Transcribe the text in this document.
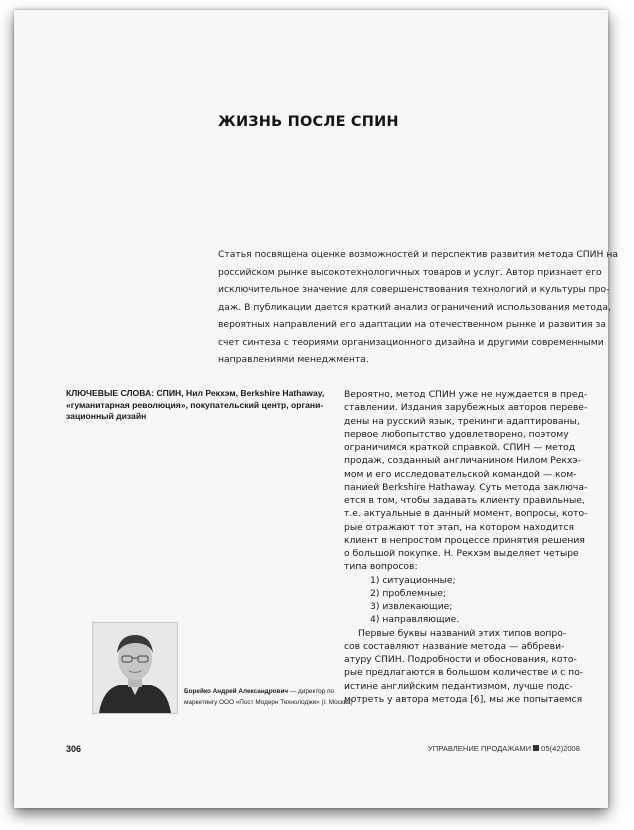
ЖИЗНЬ ПОСЛЕ СПИН

Статья посвящена оценке возможностей и перспектив развития метода СПИН на
российском рынке высокотехнологичных товаров и услуг. Автор признает его
исключительное значение для совершенствования технологий и культуры про-
даж. В публикации дается краткий анализ ограничений использования метода,
вероятных направлений его адаптации на отечественном рынке и развития за
счет синтеза с теориями организационного дизайна и другими современными
направлениями менеджмента.

КЛЮЧЕВЫЕ СЛОВА: СПИН, Нил Рекхэм, Berkshire Hathaway,
«гуманитарная революция», покупательский центр, органи-
зационный дизайн
Вероятно, метод СПИН уже не нуждается в пред-
ставлении. Издания зарубежных авторов переве-
дены на русский язык, тренинги адаптированы,
первое любопытство удовлетворено, поэтому
ограничимся краткой справкой. СПИН — метод
продаж, созданный англичанином Нилом Рекхэ-
мом и его исследовательской командой — ком-
панией Berkshire Hathaway. Суть метода заключа-
ется в том, чтобы задавать клиенту правильные,
т.е. актуальные в данный момент, вопросы, кото-
рые отражают тот этап, на котором находится
клиент в непростом процессе принятия решения
о большой покупке. Н. Рекхэм выделяет четыре
типа вопросов:
1) ситуационные;
2) проблемные;
3) извлекающие;
4) направляющие.
Первые буквы названий этих типов вопро-
сов составляют название метода — аббреви-
атуру СПИН. Подробности и обоснования, кото-
рые предлагаются в большом количестве и с по-
истине английским педантизмом, лучше подс-
мотреть у автора метода [6], мы же попытаемся
Борейко Андрей Александрович — директор по
маркетингу ООО «Пост Модерн Технолоджи» (г. Москва)
306	УПРАВЛЕНИЕ ПРОДАЖАМИ 05(42)2008
